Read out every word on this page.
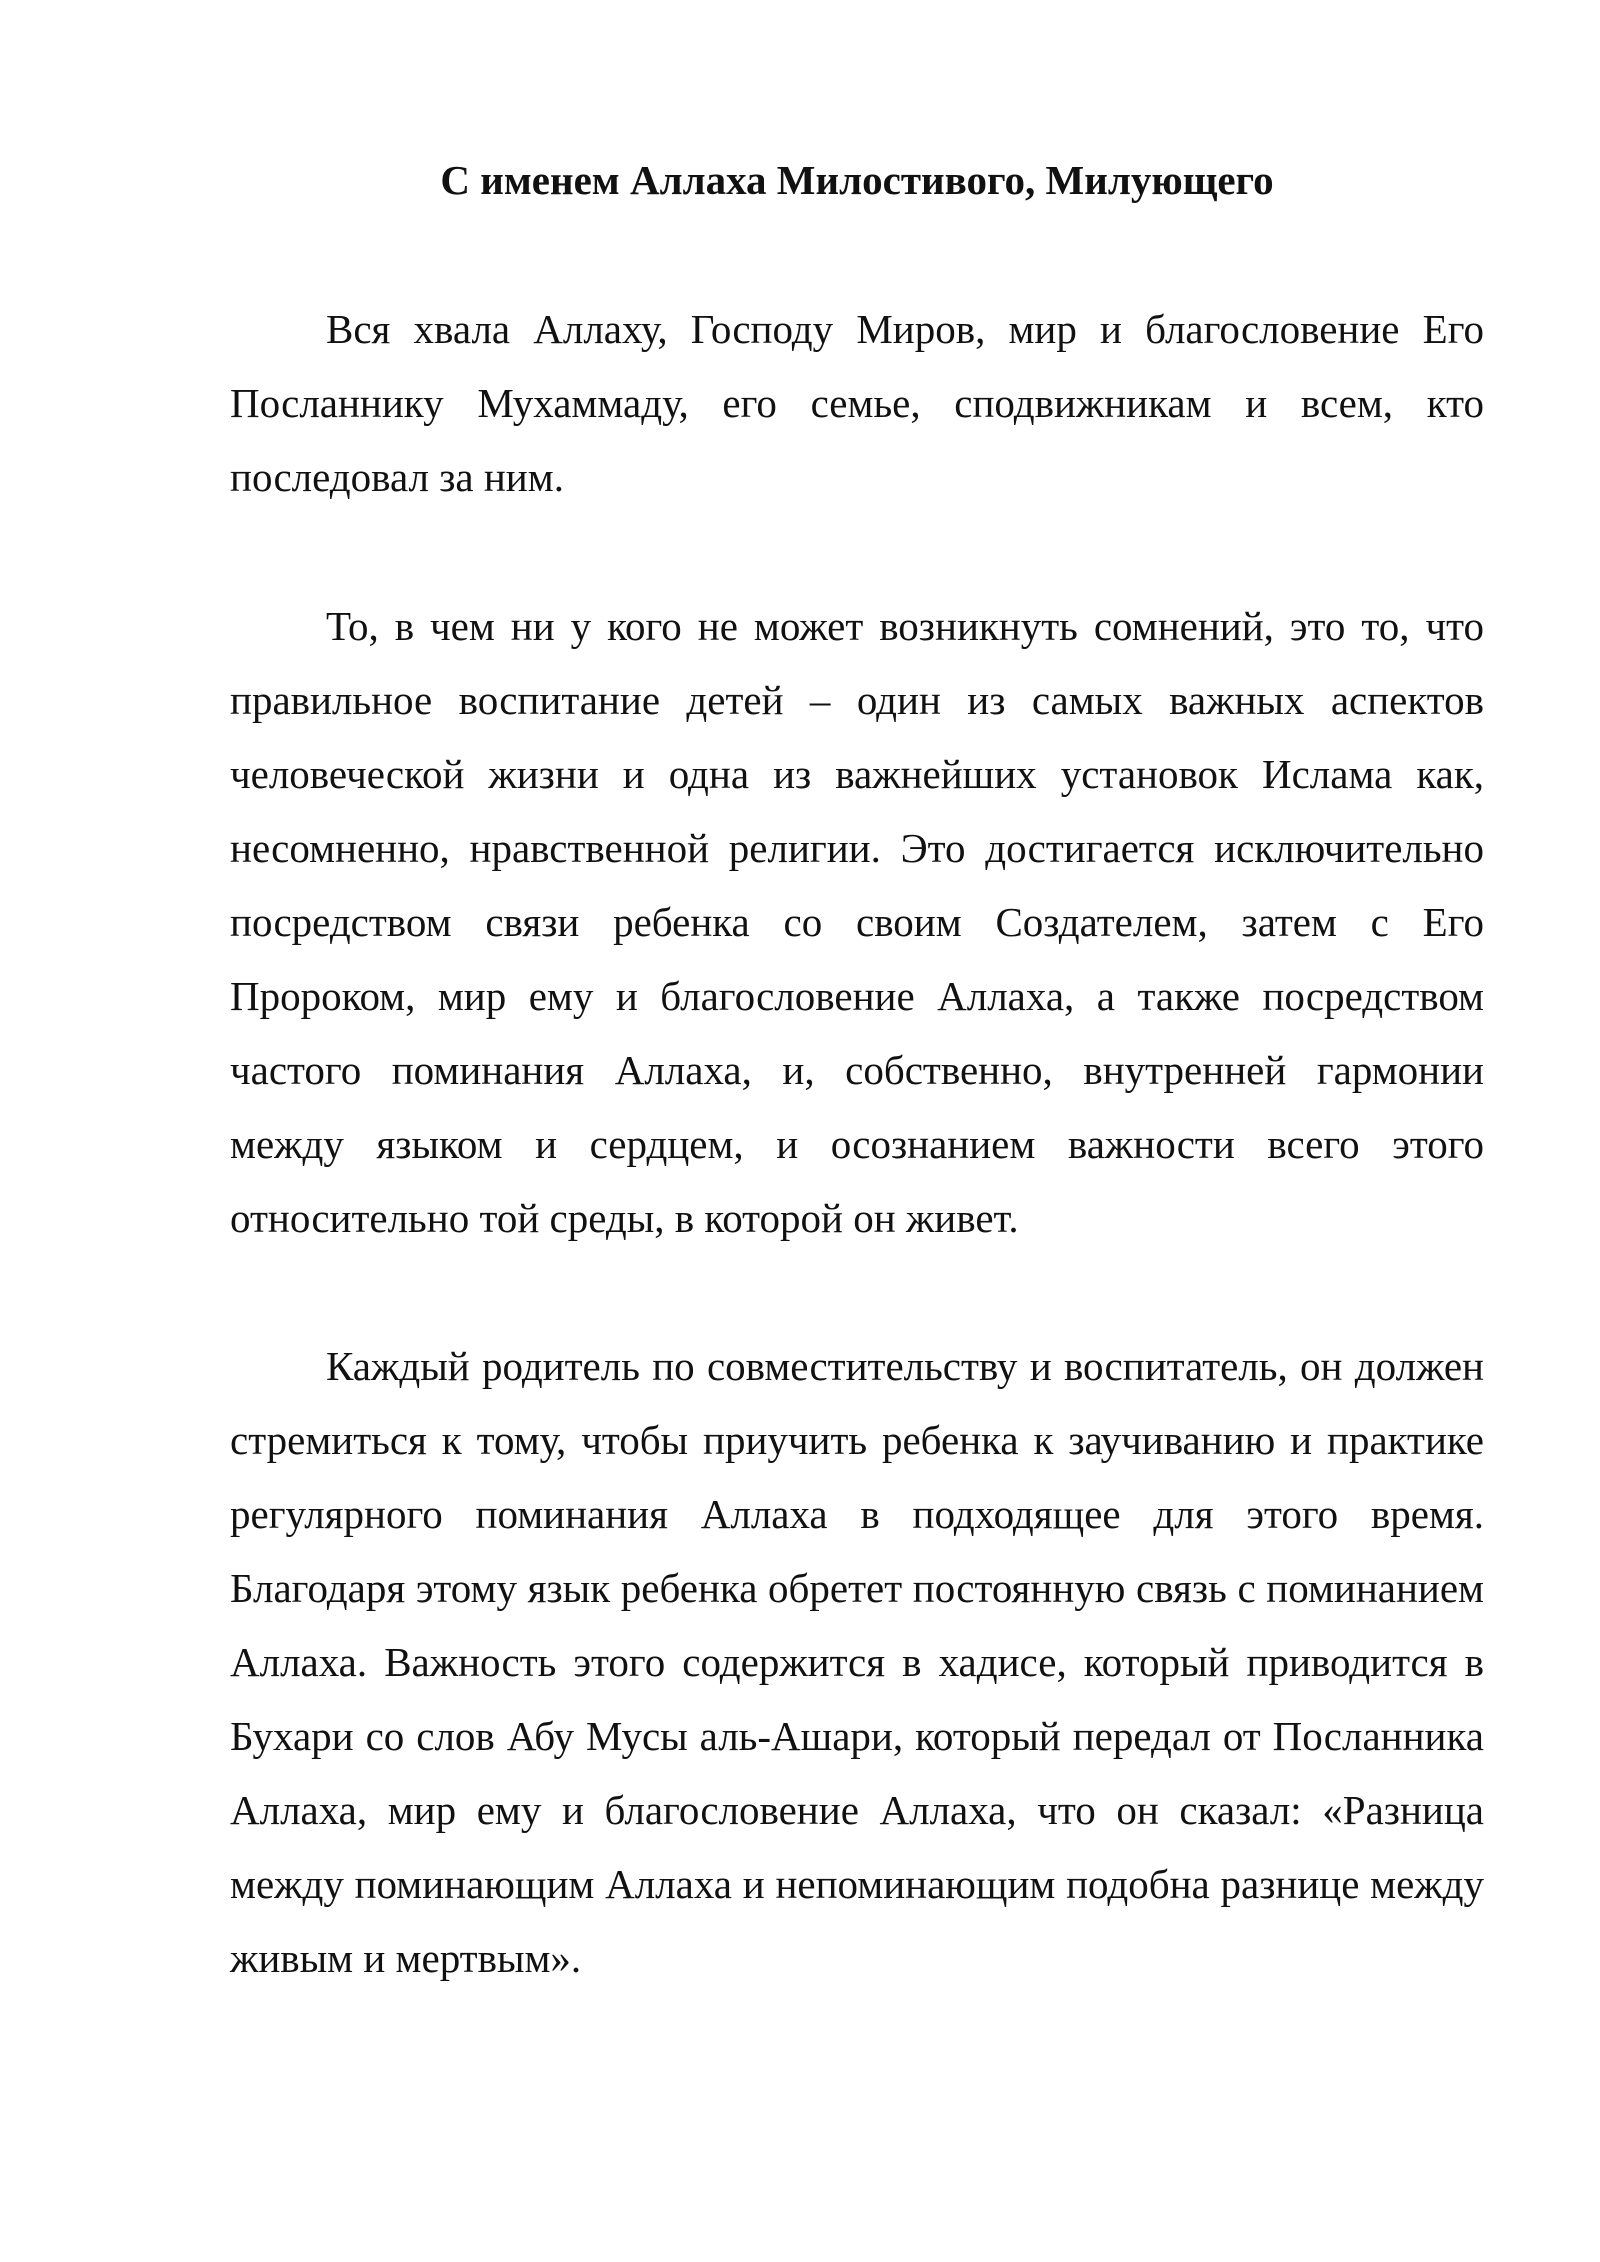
С именем Аллаха Милостивого, Милующего

Вся хвала Аллаху, Господу Миров, мир и благословение Его Посланнику Мухаммаду, его семье, сподвижникам и всем, кто последовал за ним.

То, в чем ни у кого не может возникнуть сомнений, это то, что правильное воспитание детей – один из самых важных аспектов человеческой жизни и одна из важнейших установок Ислама как, несомненно, нравственной религии. Это достигается исключительно посредством связи ребенка со своим Создателем, затем с Его Пророком, мир ему и благословение Аллаха, а также посредством частого поминания Аллаха, и, собственно, внутренней гармонии между языком и сердцем, и осознанием важности всего этого относительно той среды, в которой он живет.

Каждый родитель по совместительству и воспитатель, он должен стремиться к тому, чтобы приучить ребенка к заучиванию и практике регулярного поминания Аллаха в подходящее для этого время. Благодаря этому язык ребенка обретет постоянную связь с поминанием Аллаха. Важность этого содержится в хадисе, который приводится в Бухари со слов Абу Мусы аль-Ашари, который передал от Посланника Аллаха, мир ему и благословение Аллаха, что он сказал: «Разница между поминающим Аллаха и непоминающим подобна разнице между живым и мертвым».
